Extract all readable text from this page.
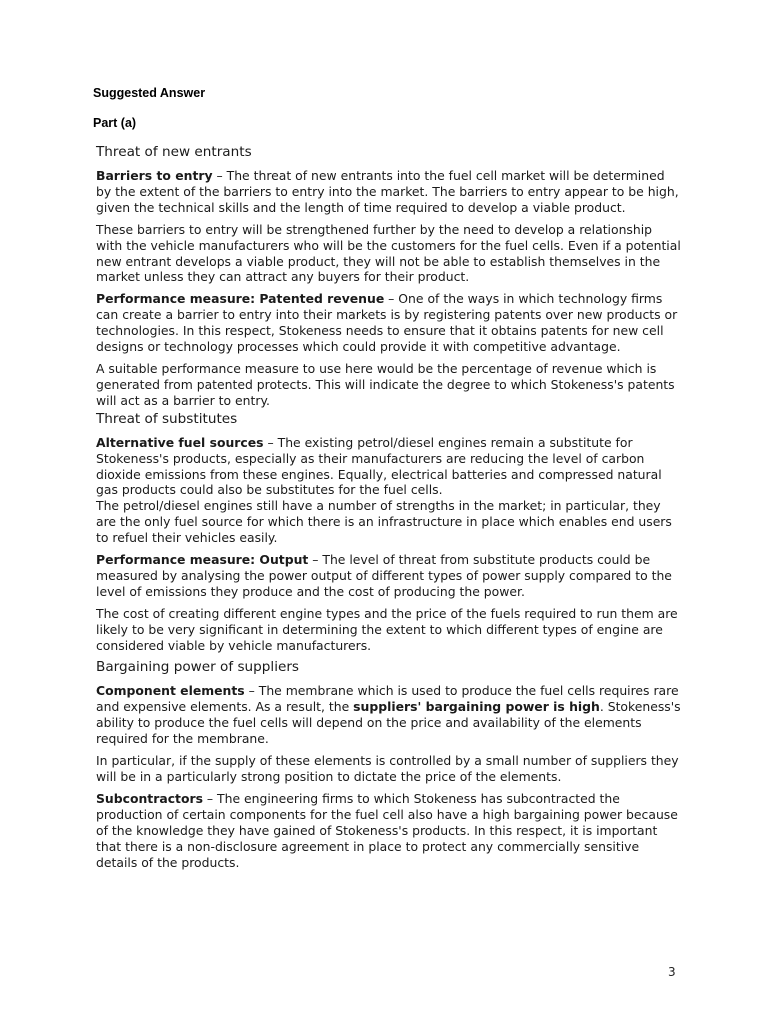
Suggested Answer

Part (a)

Threat of new entrants

Barriers to entry – The threat of new entrants into the fuel cell market will be determined by the extent of the barriers to entry into the market. The barriers to entry appear to be high, given the technical skills and the length of time required to develop a viable product.

These barriers to entry will be strengthened further by the need to develop a relationship with the vehicle manufacturers who will be the customers for the fuel cells. Even if a potential new entrant develops a viable product, they will not be able to establish themselves in the market unless they can attract any buyers for their product.

Performance measure: Patented revenue – One of the ways in which technology firms can create a barrier to entry into their markets is by registering patents over new products or technologies. In this respect, Stokeness needs to ensure that it obtains patents for new cell designs or technology processes which could provide it with competitive advantage.

A suitable performance measure to use here would be the percentage of revenue which is generated from patented protects. This will indicate the degree to which Stokeness's patents will act as a barrier to entry.

Threat of substitutes

Alternative fuel sources – The existing petrol/diesel engines remain a substitute for Stokeness's products, especially as their manufacturers are reducing the level of carbon dioxide emissions from these engines. Equally, electrical batteries and compressed natural gas products could also be substitutes for the fuel cells.

The petrol/diesel engines still have a number of strengths in the market; in particular, they are the only fuel source for which there is an infrastructure in place which enables end users to refuel their vehicles easily.

Performance measure: Output – The level of threat from substitute products could be measured by analysing the power output of different types of power supply compared to the level of emissions they produce and the cost of producing the power.

The cost of creating different engine types and the price of the fuels required to run them are likely to be very significant in determining the extent to which different types of engine are considered viable by vehicle manufacturers.

Bargaining power of suppliers

Component elements – The membrane which is used to produce the fuel cells requires rare and expensive elements. As a result, the suppliers' bargaining power is high. Stokeness's ability to produce the fuel cells will depend on the price and availability of the elements required for the membrane.

In particular, if the supply of these elements is controlled by a small number of suppliers they will be in a particularly strong position to dictate the price of the elements.

Subcontractors – The engineering firms to which Stokeness has subcontracted the production of certain components for the fuel cell also have a high bargaining power because of the knowledge they have gained of Stokeness's products. In this respect, it is important that there is a non-disclosure agreement in place to protect any commercially sensitive details of the products.

3
